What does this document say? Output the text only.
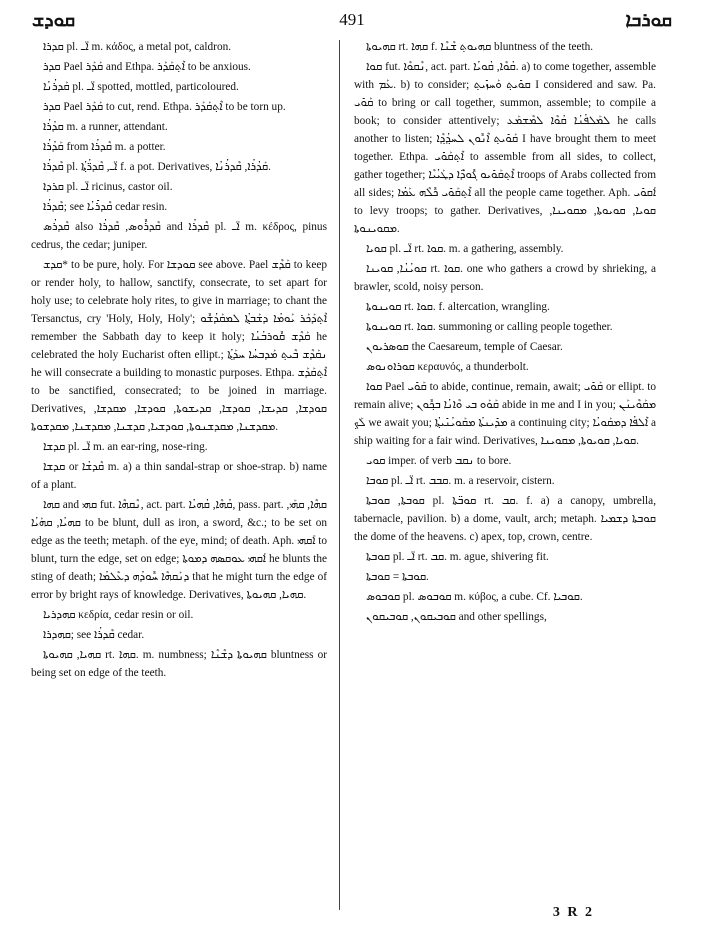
ܩܘܕܫ	491	ܩܘܪܒܐ
ܩܕܪܐ pl. ܐ̈ـ m. κάδος, a metal pot, caldron.
ܩܕܪ Pael ܩܰܕܰܪ and Ethpa. ܐܶܬ݂ܩܰܕܰܪ to be anxious.
ܩܰܕܪܳܢܳܐ pl. ܐ̈ـ spotted, mottled, particoloured.
ܩܕܪ Pael ܩܰܕܰܪ to cut, rend. Ethpa. ܐܶܬ݂ܩܰܕܰܪ to be torn up.
ܩܕܳܪܳܐ m. a runner, attendant.
ܩܰܕܳܪܳܐ from ܩܶܕܪܳܐ m. a potter.
ܩܶܕܪܳܐ pl. ܐ̈ـ, ܩܶܕܪ̈ܳܬ݂ܳܐ f. a pot. Derivatives, ܩܰܕܳܪܳܐ, ܩܶܕܪܳܢܳܐ.
ܩܪܕܐ pl. ܐ̈ـ ricinus, castor oil.
ܩܶܕܪܳܐ; see ܩܶܕܪܺܝܳܐ cedar resin.
ܩܶܕܪܳܣ also ܩܶܕܪܽܘܣ, ܩܶܕܪܳܐ and ܩܶܕܪܳܐ pl. ܐ̈ـ m. κέδρος, pinus cedrus, the cedar; juniper.
ܩܕܫ* to be pure, holy. For ܩܘܕܫܐ see above. Pael ܩܰܕܶܫ to keep or render holy, to hallow, sanctify, consecrate, to set apart for holy use; to celebrate holy rites, to give in marriage; to chant the Tersanctus, cry 'Holy, Holy, Holy'; ܐܶܬ݂ܕܰܟܰܪ ܝܰܘܡܳܐ ܕܫܰܒܬ݂ܳܐ ܠܡܩܰܕܳܫܽܘ remember the Sabbath day to keep it holy; ܩܰܕܶܫ ܩܽܘܪܒܳܢܳܐ he celebrated the holy Eucharist often ellipt.; ܢܩܰܕܶܫ ܒܶܝܬ݂ ܡܰܕܒܚܳܐ ܚܕܰܬ݂ܳܐ he will consecrate a building to monastic purposes. Ethpa. ܐܶܬ݂ܩܰܕܰܫ to be sanctified, consecrated; to be joined in marriage. Derivatives, ܩܘܕܫܐ, ܩܕܝܫܐ, ܩܘܕܫܐ, ܩܕܝܫܘܬܐ, ܩܘܕܫܐ, ܡܩܕܫܐ, ܡܩܕܫܢܐ, ܡܩܕܫܢܘܬܐ, ܩܘܕܫܝܐ, ܩܕܫܢܐ, ܡܩܕܫܢܐ, ܡܩܕܫܘܬܐ.
ܩܕܫܐ pl. ܐ̈ـ m. an ear-ring, nose-ring.
ܩܕܫܐ or ܩܶܕܫܳܐ m. a) a thin sandal-strap or shoe-strap. b) name of a plant.
ܩܗܐ and ܩܗܝ fut. ܢܶܩܗܶܐ, act. part. ܩܳܗܶܐ, ܩܳܗܝܳܐ, pass. part. ܩܗܶܐ, ܩܗܰܝ, ܩܗܝܳܐ, ܩܗܰܝܳܐ to be blunt, dull as iron, a sword, &c.; to be set on edge as the teeth; metaph. of the eye, mind; of death. Aph. ܐܰܩܗܝ to blunt, turn the edge, set on edge; ܐܰܩܗܝ ܥܘܩܣܗ ܕܡܘܬܐ he blunts the sting of death; ܕܢܰܩܗܶܐ ܚܽܘܕܳܗ ܕܥܶܠܡܳܐ that he might turn the edge of error by bright rays of knowledge. Derivatives, ܩܗܝܐ, ܩܗܝܘܬܐ.
ܩܗܕܪܝܐ κεδρία, cedar resin or oil.
ܩܗܕܪܐ; see ܩܶܕܪܳܐ cedar.
ܩܗܝܐ, ܩܗܝܘܬܐ rt. ܩܗܐ. m. numbness; ܩܗܝܘܬܐ ܕܫܶܢܶܐ bluntness or being set on edge of the teeth.
ܩܗܝܘܬܐ rt. ܩܗܐ f. ܩܗܝܘܬ݂ ܫܶܢܶܐ bluntness of the teeth.
ܩܘܐ fut. ܢܶܩܘܶܐ, act. part. ܩܳܘܶܐ, ܩܳܘܝܳܐ. a) to come together, assemble with ܥܰܡ. b) to consider; ܩܘܺܝܬ݂ ܘܰܚܙܺܝܬ݂ I considered and saw. Pa. ܩܰܘܺܝ to bring or call together, summon, assemble; to compile a book; to consider attentively; ܠܡܰܠܦܳܢܳܐ ܩܳܘܶܐ ܠܡܶܫܡܰܥ he calls another to listen; ܩܰܘܺܝܬ݂ ܐܶܢܽܘܢ ܠܚܕ݂ܳܕ݂ܶܐ I have brought them to meet together. Ethpa. ܐܶܬ݂ܩܰܘܺܝ to assemble from all sides, to collect, gather together; ܐܶܬ݂ܩܰܘܺܝܘ ܓܽܘܕ̈ܶܐ ܕܛܰܝܳܝܶܐ troops of Arabs collected from all sides; ܐܶܬ݂ܩܰܘܺܝ ܟܽܠܶܗ ܥܰܡܳܐ all the people came together. Aph. ܐܰܩܘܺܝ to levy troops; to gather. Derivatives, ܩܘܝܐ, ܩܘܝܘܬܐ, ܡܩܘܝܢܐ, ܡܩܘܝܢܘܬܐ.
ܩܘܝܐ pl. ܐ̈ـ rt. ܩܘܐ. m. a gathering, assembly.
ܩܘܝܳܢܳܐ, ܩܘܝܢܐ rt. ܩܘܐ. one who gathers a crowd by shrieking, a brawler, scold, noisy person.
ܩܘܝܢܘܬܐ rt. ܩܘܐ. f. altercation, wrangling.
ܩܘܝܢܘܬܐ rt. ܩܘܐ. summoning or calling people together.
ܩܘܣܪܝܘܢ the Caesareum, temple of Caesar.
ܩܘܪܐܘܢܘܣ κεραυνός, a thunderbolt.
ܩܘܐ Pael ܩܰܘܺܝ to abide, continue, remain, await; ܩܰܘܺܝ or ellipt. to remain alive; ܩܰܘܰܘ ܒܝ ܘܶܐܢܳܐ ܒܟ݂ܽܘܢ abide in me and I in you; ܡܩܰܘܶܝܢܰܢ ܠܰܟ݂ we await you; ܡܕܺܝܢܬܳܐ ܡܩܰܘܝܳܢܺܝܬ݂ܳܐ a continuing city; ܐܶܠܦܳܐ ܕܡܩܰܘܝܳܐ a ship waiting for a fair wind. Derivatives, ܩܘܝܐ, ܩܘܝܘܬܐ, ܡܩܘܝܢܐ.
ܩܘܝ imper. of verb ܢܩܒ to bore.
ܩܘܒܐ pl. ܐ̈ـ rt. ܩܒܒ. m. a reservoir, cistern.
ܩܘܒܬܐ, ܩܘܒܬܐ pl. ܩܘܒ̈ܬܐ rt. ܩܒ. f. a) a canopy, umbrella, tabernacle, pavilion. b) a dome, vault, arch; metaph. ܩܘܒܬܐ ܕܫܡܝܐ the dome of the heavens. c) apex, top, crown, centre.
ܩܘܒܬܐ pl. ܐ̈ـ rt. ܩܒ. m. ague, shivering fit.
ܩܘܒܬܐ = ܩܘܒܬܐ.
ܩܘܒܘܣ pl. ܩܘܒܘܣ m. κύβος, a cube. Cf. ܩܘܒܝܐ.
ܩܘܒܝܩܘܢ, ܩܘܒܝܩܘܢ and other spellings,
3 R 2
